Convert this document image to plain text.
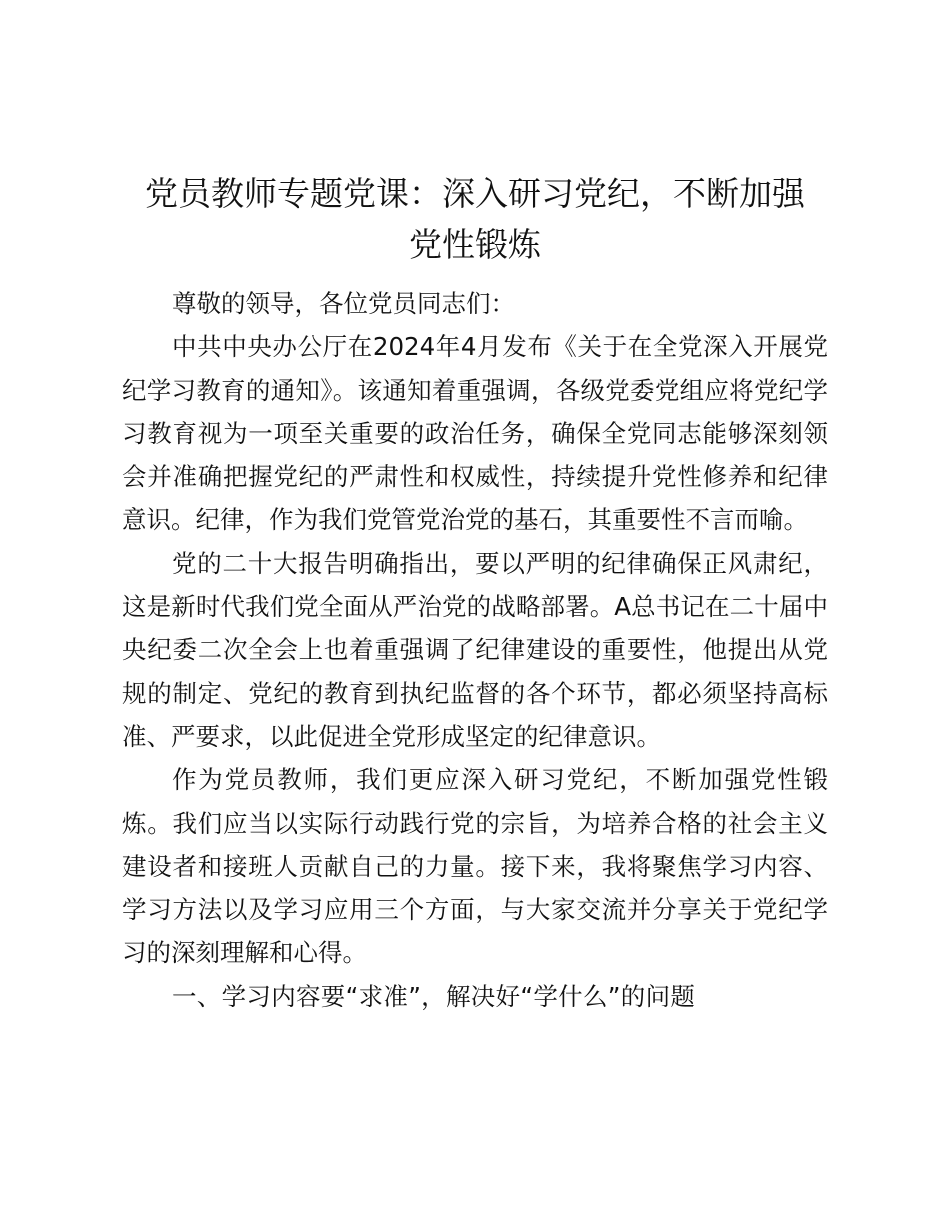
党员教师专题党课：深入研习党纪，不断加强
党性锻炼

尊敬的领导，各位党员同志们：

中共中央办公厅在2024年4月发布《关于在全党深入开展党纪学习教育的通知》。该通知着重强调，各级党委党组应将党纪学习教育视为一项至关重要的政治任务，确保全党同志能够深刻领会并准确把握党纪的严肃性和权威性，持续提升党性修养和纪律意识。纪律，作为我们党管党治党的基石，其重要性不言而喻。

党的二十大报告明确指出，要以严明的纪律确保正风肃纪，这是新时代我们党全面从严治党的战略部署。A总书记在二十届中央纪委二次全会上也着重强调了纪律建设的重要性，他提出从党规的制定、党纪的教育到执纪监督的各个环节，都必须坚持高标准、严要求，以此促进全党形成坚定的纪律意识。

作为党员教师，我们更应深入研习党纪，不断加强党性锻炼。我们应当以实际行动践行党的宗旨，为培养合格的社会主义建设者和接班人贡献自己的力量。接下来，我将聚焦学习内容、学习方法以及学习应用三个方面，与大家交流并分享关于党纪学习的深刻理解和心得。

一、学习内容要“求准”，解决好“学什么”的问题
